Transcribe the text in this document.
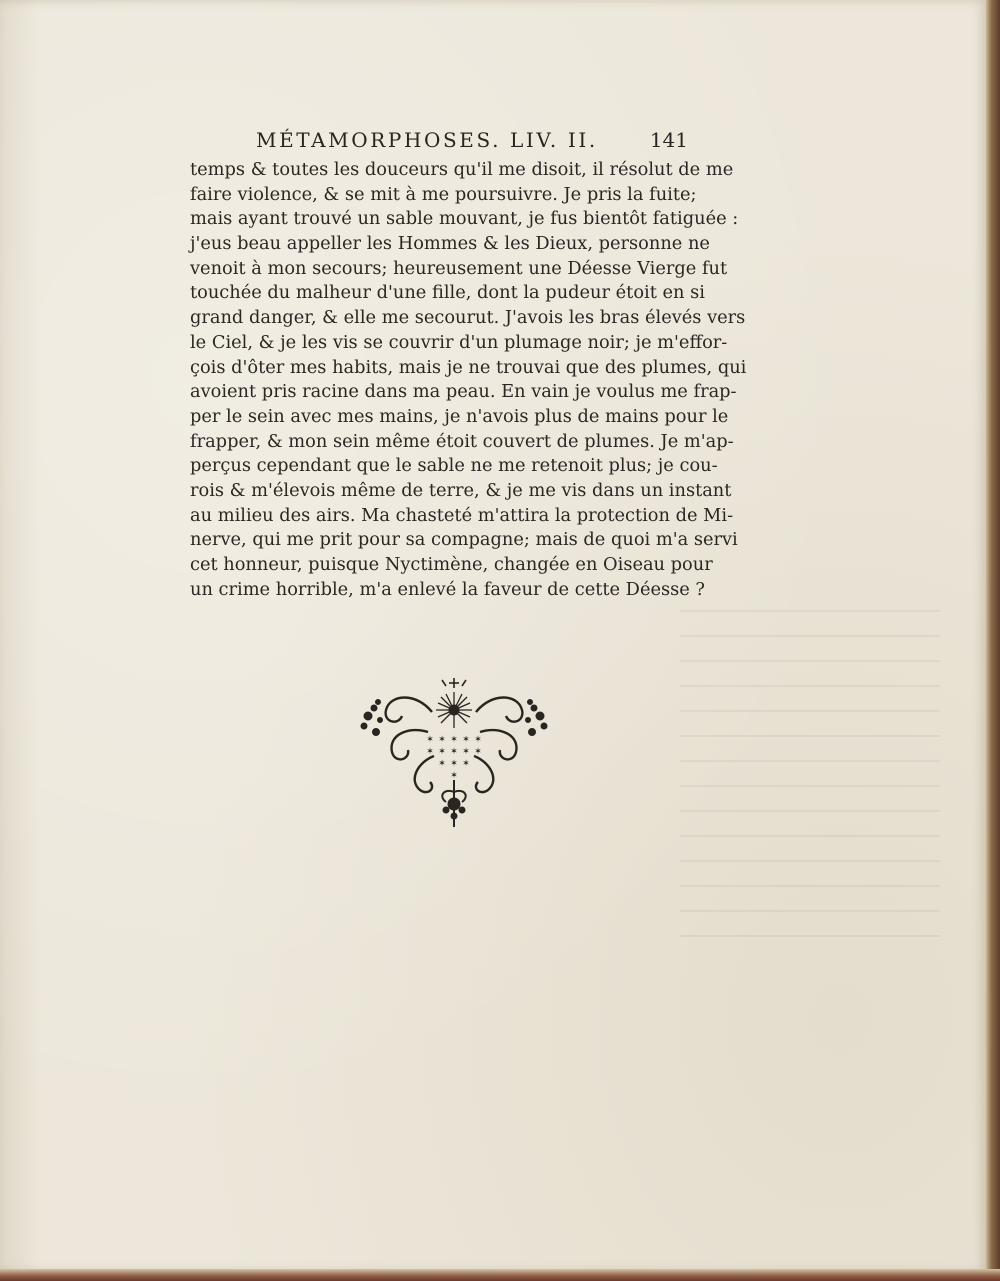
MÉTAMORPHOSES. LIV. II.	141
temps & toutes les douceurs qu'il me disoit, il résolut de me
faire violence, & se mit à me poursuivre. Je pris la fuite;
mais ayant trouvé un sable mouvant, je fus bientôt fatiguée :
j'eus beau appeller les Hommes & les Dieux, personne ne
venoit à mon secours; heureusement une Déesse Vierge fut
touchée du malheur d'une fille, dont la pudeur étoit en si
grand danger, & elle me secourut. J'avois les bras élevés vers
le Ciel, & je les vis se couvrir d'un plumage noir; je m'effor-
çois d'ôter mes habits, mais je ne trouvai que des plumes, qui
avoient pris racine dans ma peau. En vain je voulus me frap-
per le sein avec mes mains, je n'avois plus de mains pour le
frapper, & mon sein même étoit couvert de plumes. Je m'ap-
perçus cependant que le sable ne me retenoit plus; je cou-
rois & m'élevois même de terre, & je me vis dans un instant
au milieu des airs. Ma chasteté m'attira la protection de Mi-
nerve, qui me prit pour sa compagne; mais de quoi m'a servi
cet honneur, puisque Nyctimène, changée en Oiseau pour
un crime horrible, m'a enlevé la faveur de cette Déesse ?
✶ ✶ ✶ ✶ ✶
✶ ✶ ✶ ✶ ✶
✶ ✶ ✶
✶
